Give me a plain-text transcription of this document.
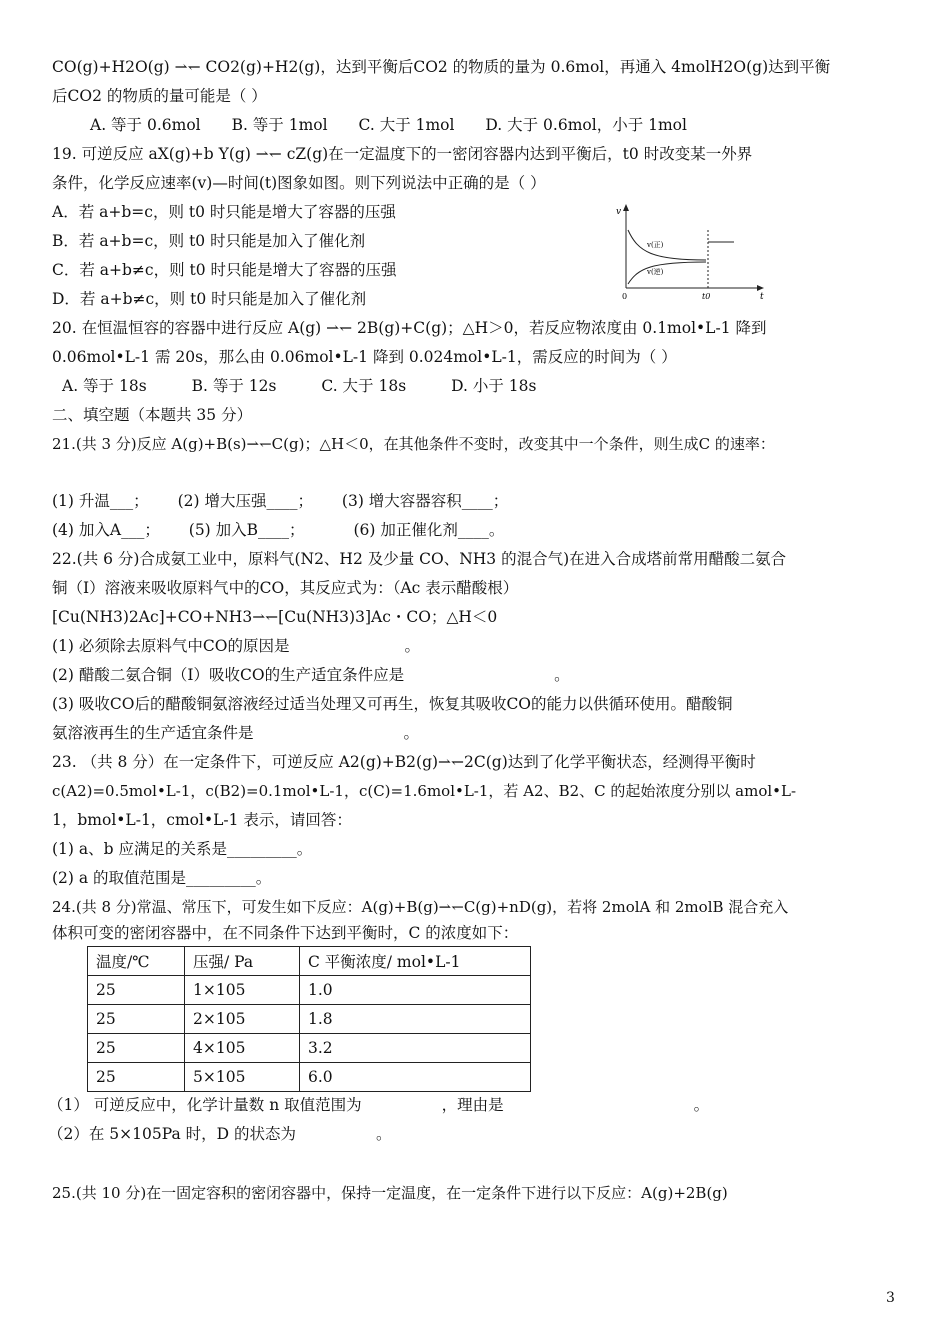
CO(g)+H2O(g) ⇀↽ CO2(g)+H2(g)，达到平衡后CO2 的物质的量为 0.6mol，再通入 4molH2O(g)达到平衡
后CO2 的物质的量可能是（ ）
A. 等于 0.6mol B. 等于 1mol C. 大于 1mol D. 大于 0.6mol，小于 1mol
19. 可逆反应 aX(g)+b Y(g) ⇀↽ cZ(g)在一定温度下的一密闭容器内达到平衡后，t0 时改变某一外界
条件，化学反应速率(v)—时间(t)图象如图。则下列说法中正确的是（ ）
A．若 a+b=c，则 t0 时只能是增大了容器的压强
B．若 a+b=c，则 t0 时只能是加入了催化剂
C．若 a+b≠c，则 t0 时只能是增大了容器的压强
D．若 a+b≠c，则 t0 时只能是加入了催化剂
20. 在恒温恒容的容器中进行反应 A(g) ⇀↽ 2B(g)+C(g)；△H＞0，若反应物浓度由 0.1mol•L-1 降到
0.06mol•L-1 需 20s，那么由 0.06mol•L-1 降到 0.024mol•L-1，需反应的时间为（ ）
A. 等于 18s	B. 等于 12s	C. 大于 18s	D. 小于 18s
二、填空题（本题共 35 分）
21.(共 3 分)反应 A(g)+B(s)⇀↽C(g)；△H＜0，在其他条件不变时，改变其中一个条件，则生成C 的速率：
(1) 升温___； (2) 增大压强____； (3) 增大容器容积____；
(4) 加入A___； (5) 加入B____；	(6) 加正催化剂____。
22.(共 6 分)合成氨工业中，原料气(N2、H2 及少量 CO、NH3 的混合气)在进入合成塔前常用醋酸二氨合
铜（Ⅰ）溶液来吸收原料气中的CO，其反应式为：（Ac 表示醋酸根）
[Cu(NH3)2Ac]+CO+NH3⇀↽[Cu(NH3)3]Ac・CO；△H＜0
(1) 必须除去原料气中CO的原因是	。
(2) 醋酸二氨合铜（Ⅰ）吸收CO的生产适宜条件应是	。
(3) 吸收CO后的醋酸铜氨溶液经过适当处理又可再生，恢复其吸收CO的能力以供循环使用。醋酸铜
氨溶液再生的生产适宜条件是	。
23. （共 8 分）在一定条件下，可逆反应 A2(g)+B2(g)⇀↽2C(g)达到了化学平衡状态，经测得平衡时
c(A2)=0.5mol•L-1，c(B2)=0.1mol•L-1，c(C)=1.6mol•L-1，若 A2、B2、C 的起始浓度分别以 amol•L-
1，bmol•L-1，cmol•L-1 表示，请回答：
(1) a、b 应满足的关系是_________。
(2) a 的取值范围是_________。
24.(共 8 分)常温、常压下，可发生如下反应：A(g)+B(g)⇀↽C(g)+nD(g)，若将 2molA 和 2molB 混合充入
体积可变的密闭容器中，在不同条件下达到平衡时，C 的浓度如下：
温度/℃	压强/ Pa	C 平衡浓度/ mol•L-1
25	1×105	1.0
25	2×105	1.8
25	4×105	3.2
25	5×105	6.0
（1） 可逆反应中，化学计量数 n 取值范围为	，理由是	。
（2）在 5×105Pa 时，D 的状态为	。
25.(共 10 分)在一固定容积的密闭容器中，保持一定温度，在一定条件下进行以下反应：A(g)+2B(g)
v
t
0	t0
v(正)
v(逆)
3
